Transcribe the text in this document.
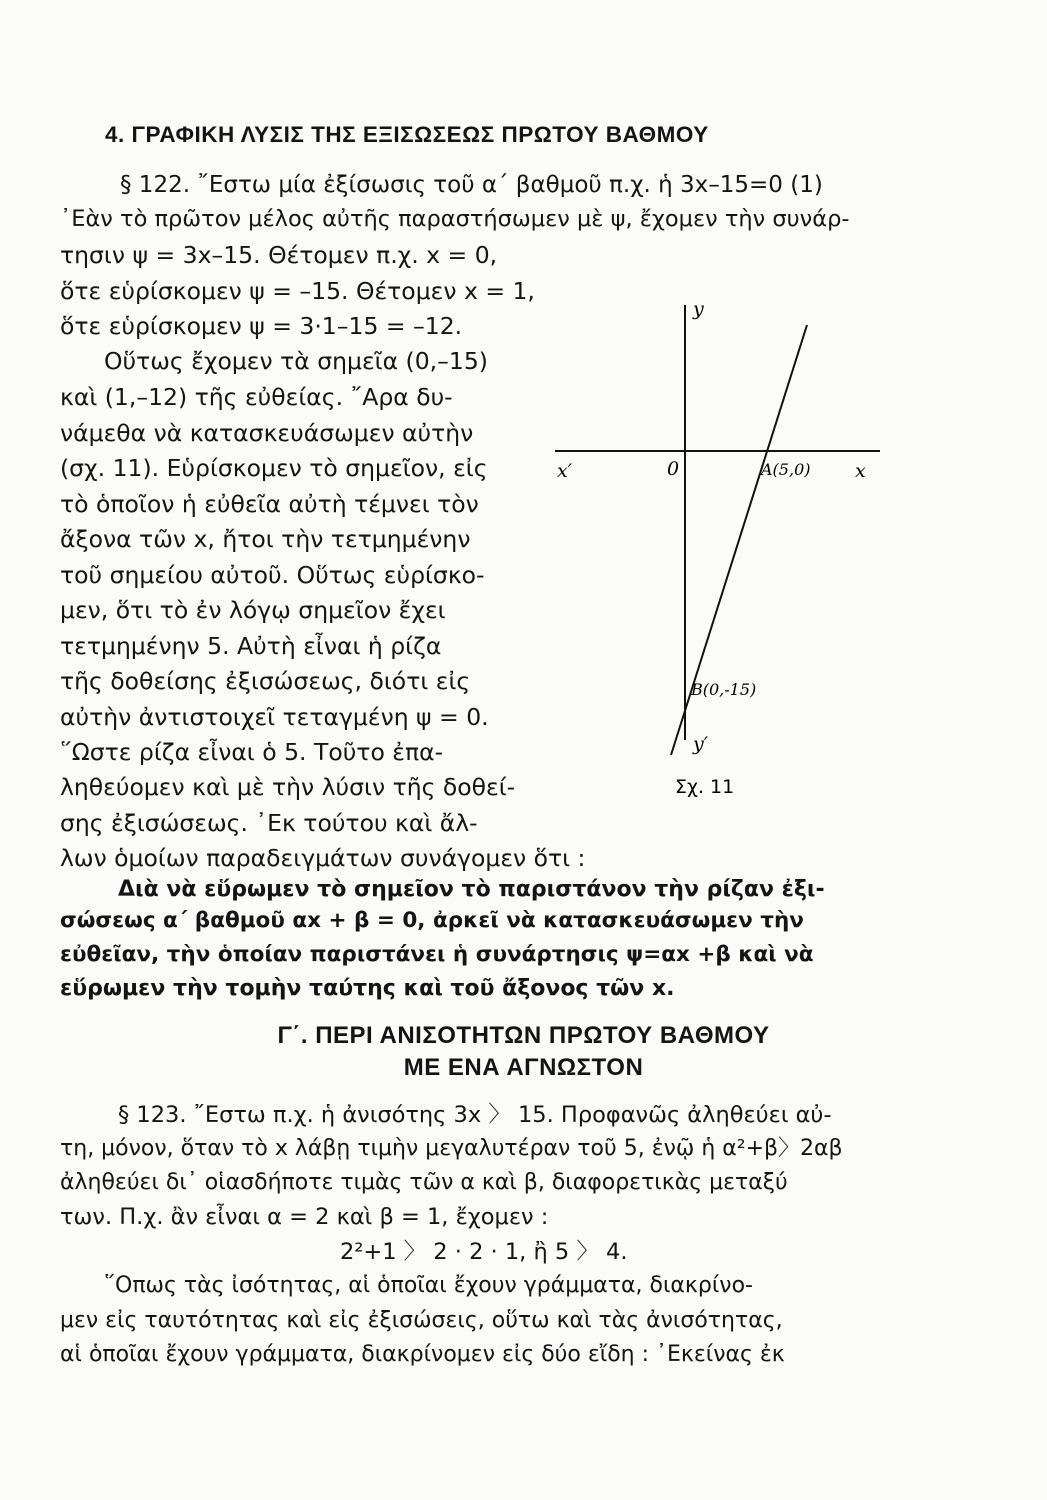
4. ΓΡΑΦΙΚΗ ΛΥΣΙΣ ΤΗΣ ΕΞΙΣΩΣΕΩΣ ΠΡΩΤΟΥ ΒΑΘΜΟΥ
§ 122. ῎Εστω μία ἐξίσωσις τοῦ α΄ βαθμοῦ π.χ. ἡ 3x–15=0 (1)
᾿Εὰν τὸ πρῶτον μέλος αὐτῆς παραστήσωμεν μὲ ψ, ἔχομεν τὴν συνάρ-
τησιν ψ = 3x–15. Θέτομεν π.χ. x = 0,
ὅτε εὑρίσκομεν ψ = –15. Θέτομεν x = 1,
ὅτε εὑρίσκομεν ψ = 3·1–15 = –12.
Οὕτως ἔχομεν τὰ σημεῖα (0,–15)
καὶ (1,–12) τῆς εὐθείας. ῎Αρα δυ-
νάμεθα νὰ κατασκευάσωμεν αὐτὴν
(σχ. 11). Εὑρίσκομεν τὸ σημεῖον, εἰς
τὸ ὁποῖον ἡ εὐθεῖα αὐτὴ τέμνει τὸν
ἄξονα τῶν x, ἤτοι τὴν τετμημένην
τοῦ σημείου αὐτοῦ. Οὕτως εὑρίσκο-
μεν, ὅτι τὸ ἐν λόγῳ σημεῖον ἔχει
τετμημένην 5. Αὐτὴ εἶναι ἡ ρίζα
τῆς δοθείσης ἐξισώσεως, διότι εἰς
αὐτὴν ἀντιστοιχεῖ τεταγμένη ψ = 0.
῞Ωστε ρίζα εἶναι ὁ 5. Τοῦτο ἐπα-
ληθεύομεν καὶ μὲ τὴν λύσιν τῆς δοθεί-
σης ἐξισώσεως. ᾿Εκ τούτου καὶ ἄλ-
λων ὁμοίων παραδειγμάτων συνάγομεν ὅτι :
y
y′
x′	0	A(5,0) x
B(0,-15)
Σχ. 11
Διὰ νὰ εὕρωμεν τὸ σημεῖον τὸ παριστάνον τὴν ρίζαν ἐξι-
σώσεως α΄ βαθμοῦ αx + β = 0, ἀρκεῖ νὰ κατασκευάσωμεν τὴν
εὐθεῖαν, τὴν ὁποίαν παριστάνει ἡ συνάρτησις ψ=αx +β καὶ νὰ
εὕρωμεν τὴν τομὴν ταύτης καὶ τοῦ ἄξονος τῶν x.
Γ΄. ΠΕΡΙ ΑΝΙΣΟΤΗΤΩΝ ΠΡΩΤΟΥ ΒΑΘΜΟΥ
ΜΕ ΕΝΑ ΑΓΝΩΣΤΟΝ
§ 123. ῎Εστω π.χ. ἡ ἀνισότης 3x 〉 15. Προφανῶς ἀληθεύει αὐ-
τη, μόνον, ὅταν τὸ x λάβῃ τιμὴν μεγαλυτέραν τοῦ 5, ἐνῷ ἡ α²+β〉2αβ
ἀληθεύει δι᾿ οἱασδήποτε τιμὰς τῶν α καὶ β, διαφορετικὰς μεταξύ
των. Π.χ. ἂν εἶναι α = 2 καὶ β = 1, ἔχομεν :
2²+1 〉 2 · 2 · 1, ἢ 5 〉 4.
῞Οπως τὰς ἰσότητας, αἱ ὁποῖαι ἔχουν γράμματα, διακρίνο-
μεν εἰς ταυτότητας καὶ εἰς ἐξισώσεις, οὕτω καὶ τὰς ἀνισότητας,
αἱ ὁποῖαι ἔχουν γράμματα, διακρίνομεν εἰς δύο εἴδη : ᾿Εκείνας ἐκ
